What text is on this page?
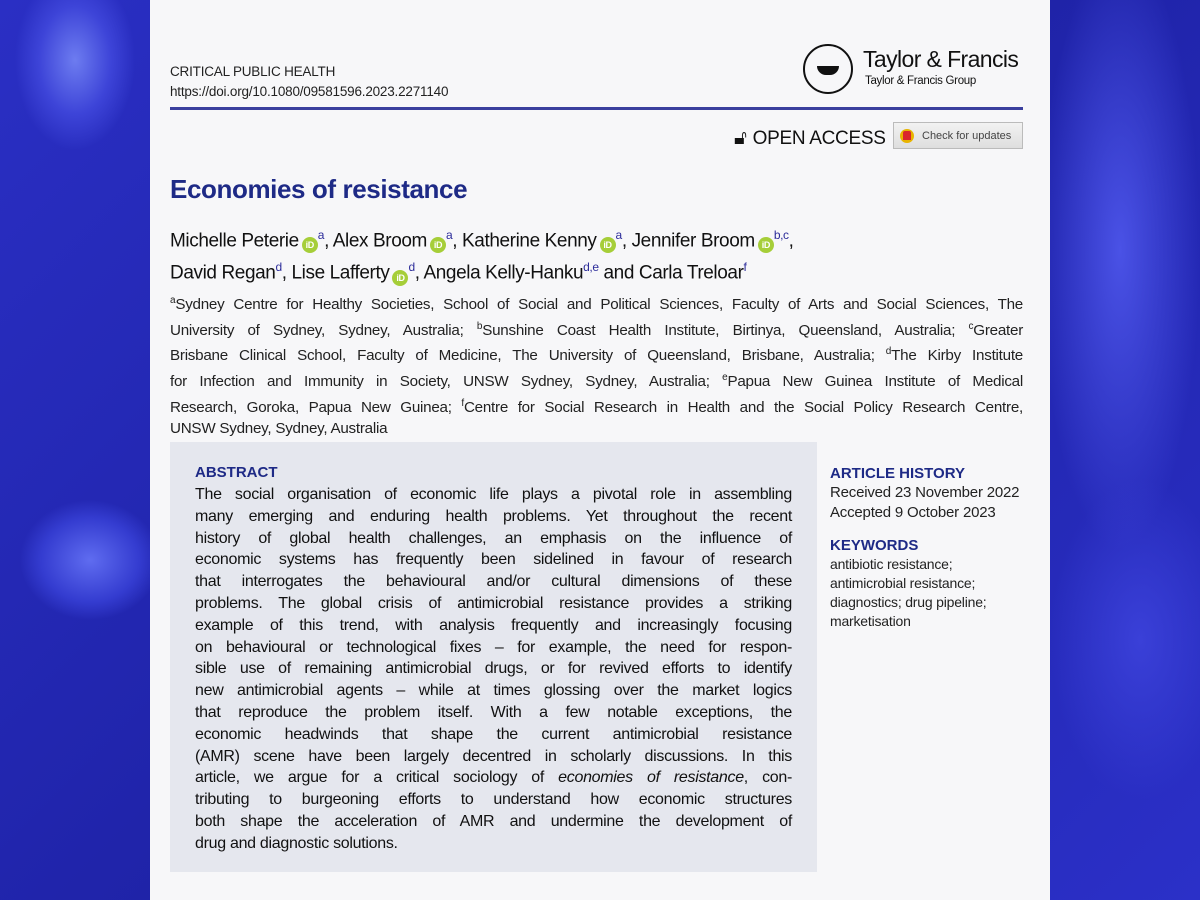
CRITICAL PUBLIC HEALTH
https://doi.org/10.1080/09581596.2023.2271140
Taylor & Francis
Taylor & Francis Group
🔓︎ OPEN ACCESS	Check for updates
Economies of resistance
Michelle Peterie $iD^a$, Alex Broom $iD^a$, Katherine Kenny $iD^a$, Jennifer Broom iD$^{b,c}$,
David Regan$^d$, Lise Lafferty $iD^d$, Angela Kelly-Hanku$^{d,e}$ and Carla Treloar$^f$
$^a$Sydney Centre for Healthy Societies, School of Social and Political Sciences, Faculty of Arts and Social Sciences, The
University of Sydney, Sydney, Australia; $^b$Sunshine Coast Health Institute, Birtinya, Queensland, Australia; $^c$Greater
Brisbane Clinical School, Faculty of Medicine, The University of Queensland, Brisbane, Australia; $^d$The Kirby Institute
for Infection and Immunity in Society, UNSW Sydney, Sydney, Australia; $^e$Papua New Guinea Institute of Medical
Research, Goroka, Papua New Guinea; $^f$Centre for Social Research in Health and the Social Policy Research Centre,
UNSW Sydney, Sydney, Australia
ABSTRACT
The social organisation of economic life plays a pivotal role in assembling
many emerging and enduring health problems. Yet throughout the recent
history of global health challenges, an emphasis on the influence of
economic systems has frequently been sidelined in favour of research
that interrogates the behavioural and/or cultural dimensions of these
problems. The global crisis of antimicrobial resistance provides a striking
example of this trend, with analysis frequently and increasingly focusing
on behavioural or technological fixes – for example, the need for respon-
sible use of remaining antimicrobial drugs, or for revived efforts to identify
new antimicrobial agents – while at times glossing over the market logics
that reproduce the problem itself. With a few notable exceptions, the
economic headwinds that shape the current antimicrobial resistance
(AMR) scene have been largely decentred in scholarly discussions. In this
article, we argue for a critical sociology of economies of resistance, con-
tributing to burgeoning efforts to understand how economic structures
both shape the acceleration of AMR and undermine the development of
drug and diagnostic solutions.
ARTICLE HISTORY
Received 23 November 2022
Accepted 9 October 2023
KEYWORDS
antibiotic resistance;
antimicrobial resistance;
diagnostics; drug pipeline;
marketisation
